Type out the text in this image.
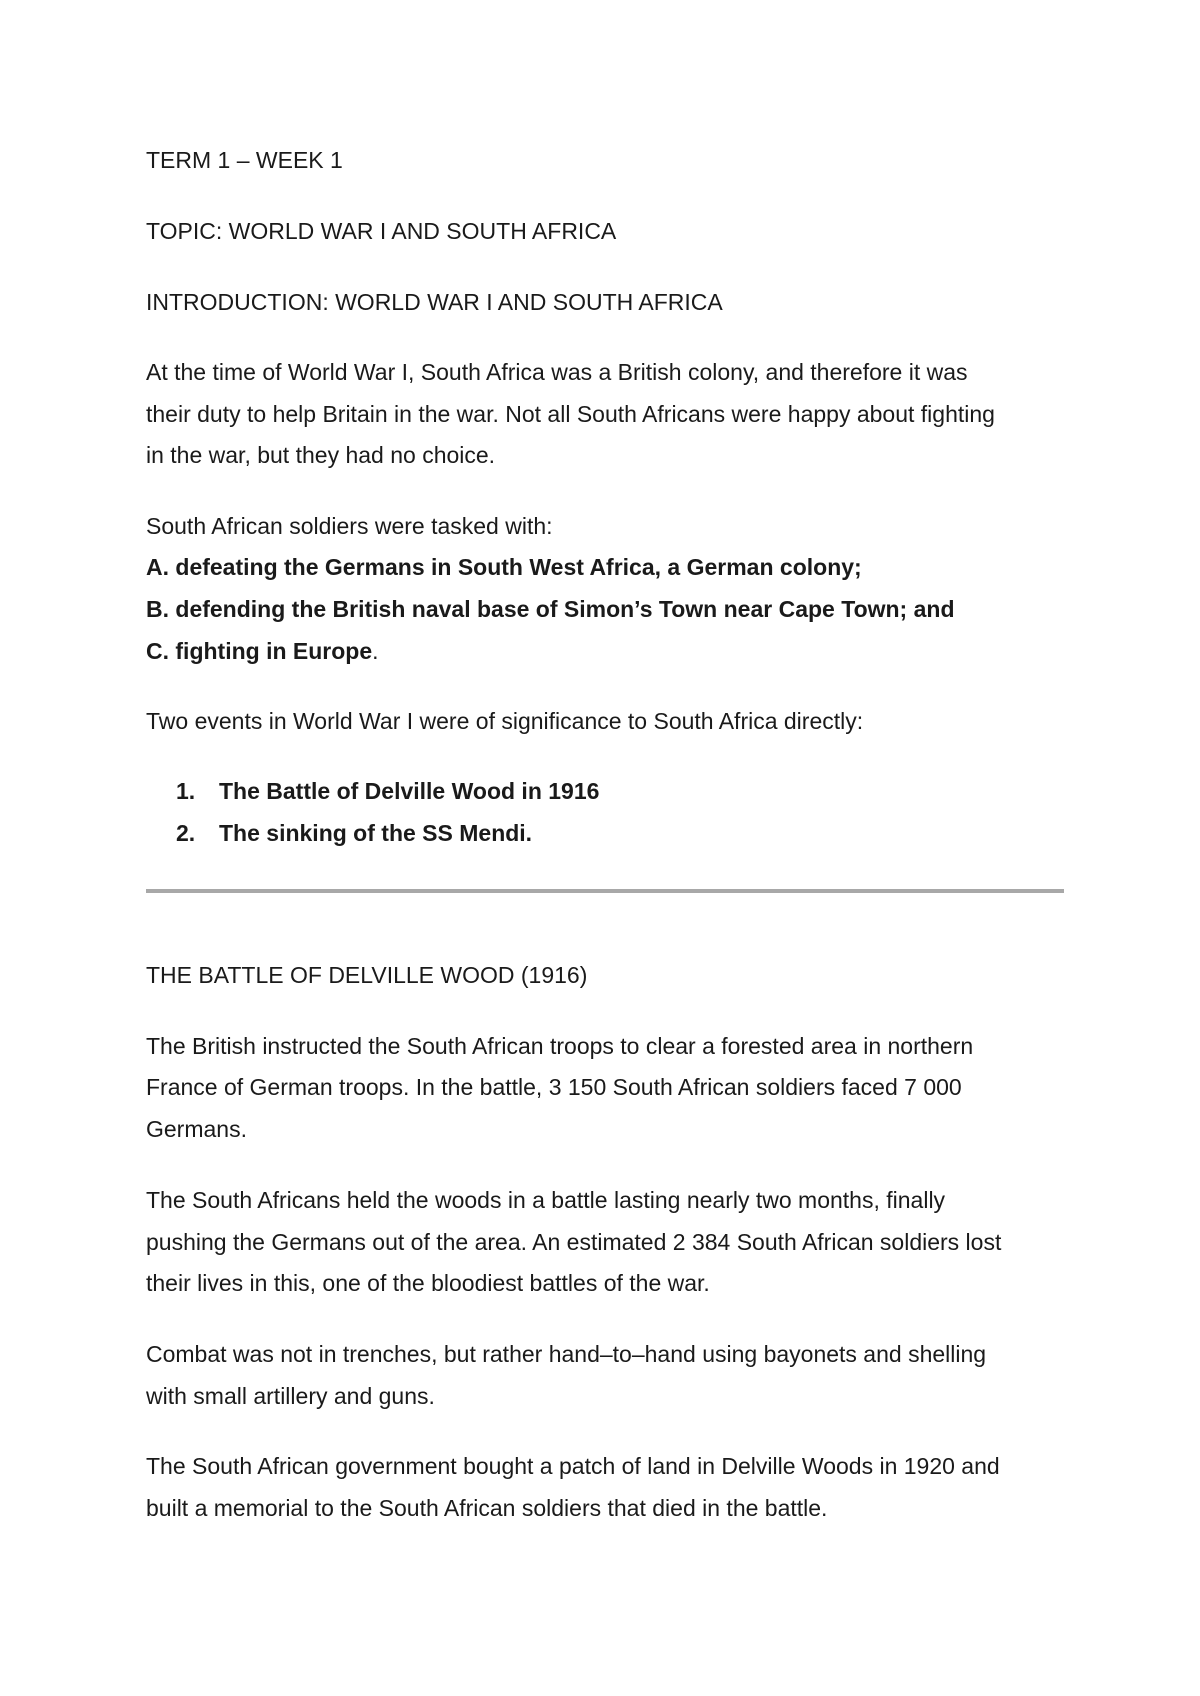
TERM 1 – WEEK 1
TOPIC: WORLD WAR I AND SOUTH AFRICA
INTRODUCTION: WORLD WAR I AND SOUTH AFRICA
At the time of World War I, South Africa was a British colony, and therefore it was
their duty to help Britain in the war. Not all South Africans were happy about fighting
in the war, but they had no choice.
South African soldiers were tasked with:
A. defeating the Germans in South West Africa, a German colony;
B. defending the British naval base of Simon’s Town near Cape Town; and
C. fighting in Europe.
Two events in World War I were of significance to South Africa directly:
1. The Battle of Delville Wood in 1916
2. The sinking of the SS Mendi.
THE BATTLE OF DELVILLE WOOD (1916)
The British instructed the South African troops to clear a forested area in northern
France of German troops. In the battle, 3 150 South African soldiers faced 7 000
Germans.
The South Africans held the woods in a battle lasting nearly two months, finally
pushing the Germans out of the area. An estimated 2 384 South African soldiers lost
their lives in this, one of the bloodiest battles of the war.
Combat was not in trenches, but rather hand–to–hand using bayonets and shelling
with small artillery and guns.
The South African government bought a patch of land in Delville Woods in 1920 and
built a memorial to the South African soldiers that died in the battle.
